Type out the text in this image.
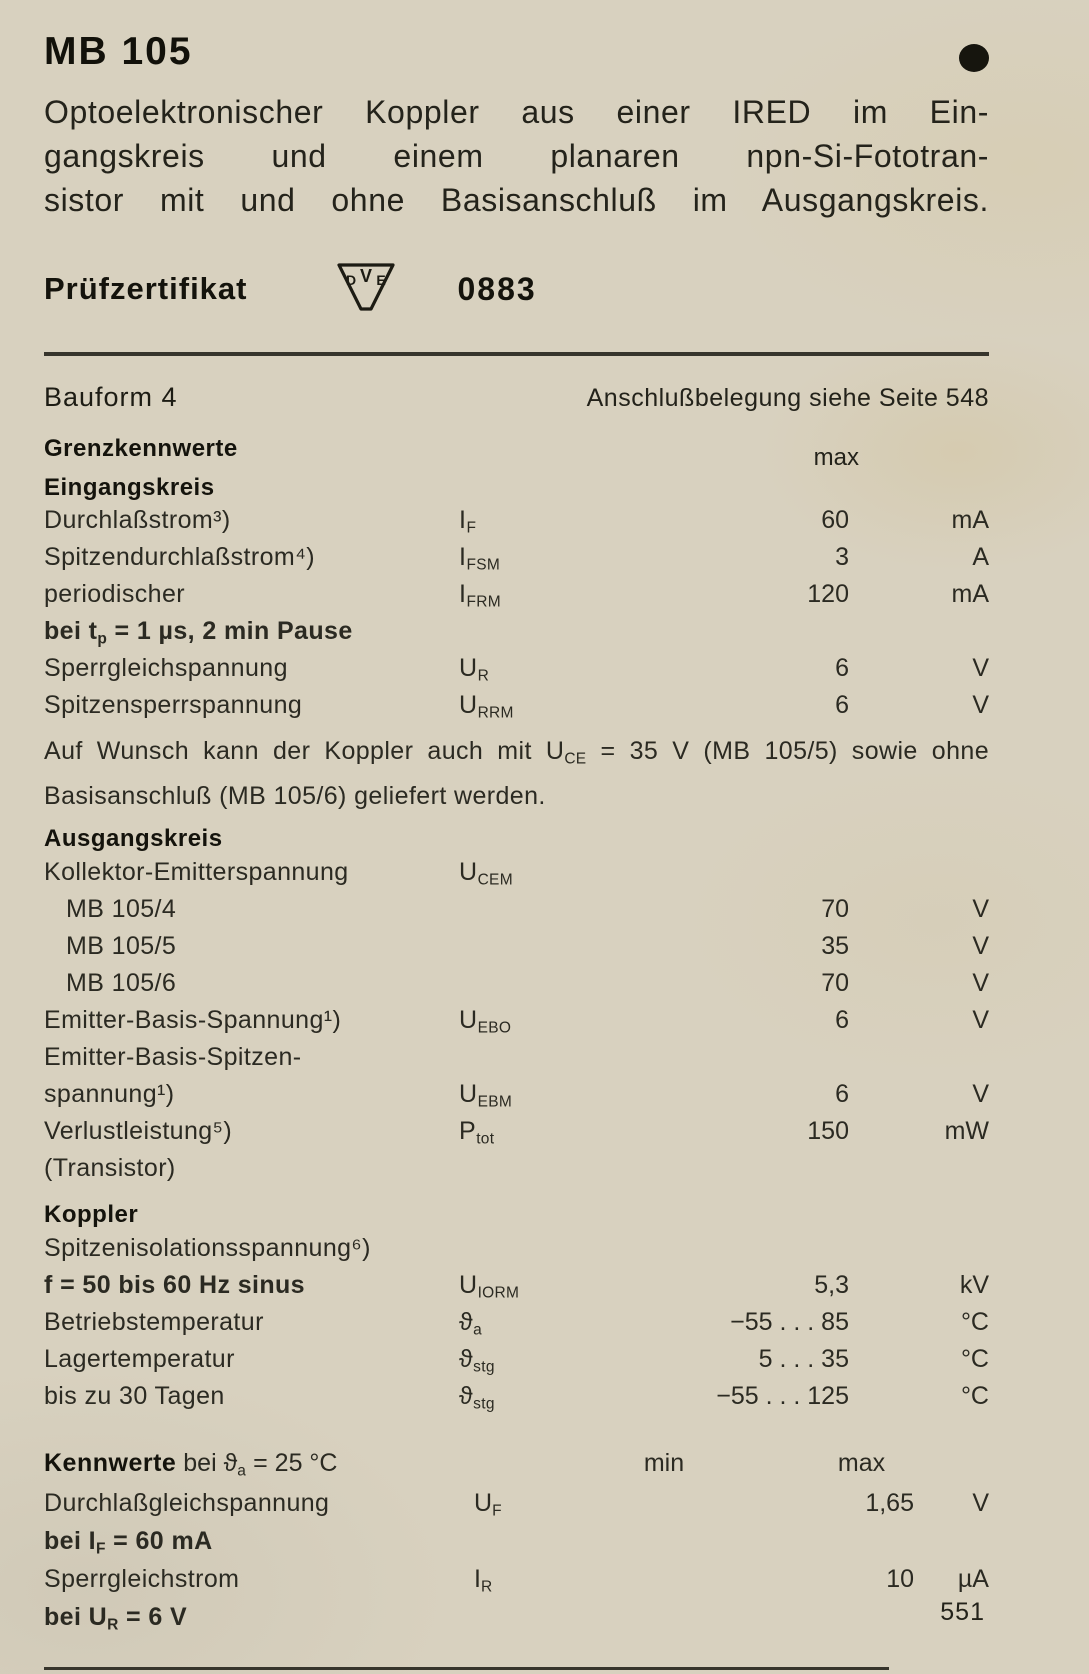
MB 105
Optoelektronischer Koppler aus einer IRED im Ein-
gangskreis und einem planaren npn-Si-Fototran-
sistor mit und ohne Basisanschluß im Ausgangskreis.
Prüfzertifikat	D V E 0883
Bauform 4	Anschlußbelegung siehe Seite 548
Grenzkennwerte	max
Eingangskreis
Durchlaßstrom³)	IF	60	mA
Spitzendurchlaßstrom⁴)	IFSM	3	A
periodischer	IFRM	120	mA
bei tp = 1 µs, 2 min Pause
Sperrgleichspannung	UR	6	V
Spitzensperrspannung	URRM	6	V
Auf Wunsch kann der Koppler auch mit UCE = 35 V (MB 105/5) sowie ohne Basisanschluß (MB 105/6) geliefert werden.
Ausgangskreis
Kollektor-Emitterspannung	UCEM
MB 105/4	70	V
MB 105/5	35	V
MB 105/6	70	V
Emitter-Basis-Spannung¹)	UEBO	6	V
Emitter-Basis-Spitzen-
spannung¹)	UEBM	6	V
Verlustleistung⁵)	Ptot	150	mW
(Transistor)
Koppler
Spitzenisolationsspannung⁶)
f = 50 bis 60 Hz sinus	UIORM	5,3	kV
Betriebstemperatur	ϑa	−55 . . . 85	°C
Lagertemperatur	ϑstg	5 . . . 35	°C
bis zu 30 Tagen	ϑstg	−55 . . . 125	°C
Kennwerte bei ϑa = 25 °C	min	max
Durchlaßgleichspannung	UF	1,65	V
bei IF = 60 mA
Sperrgleichstrom	IR	10	µA
bei UR = 6 V	551
